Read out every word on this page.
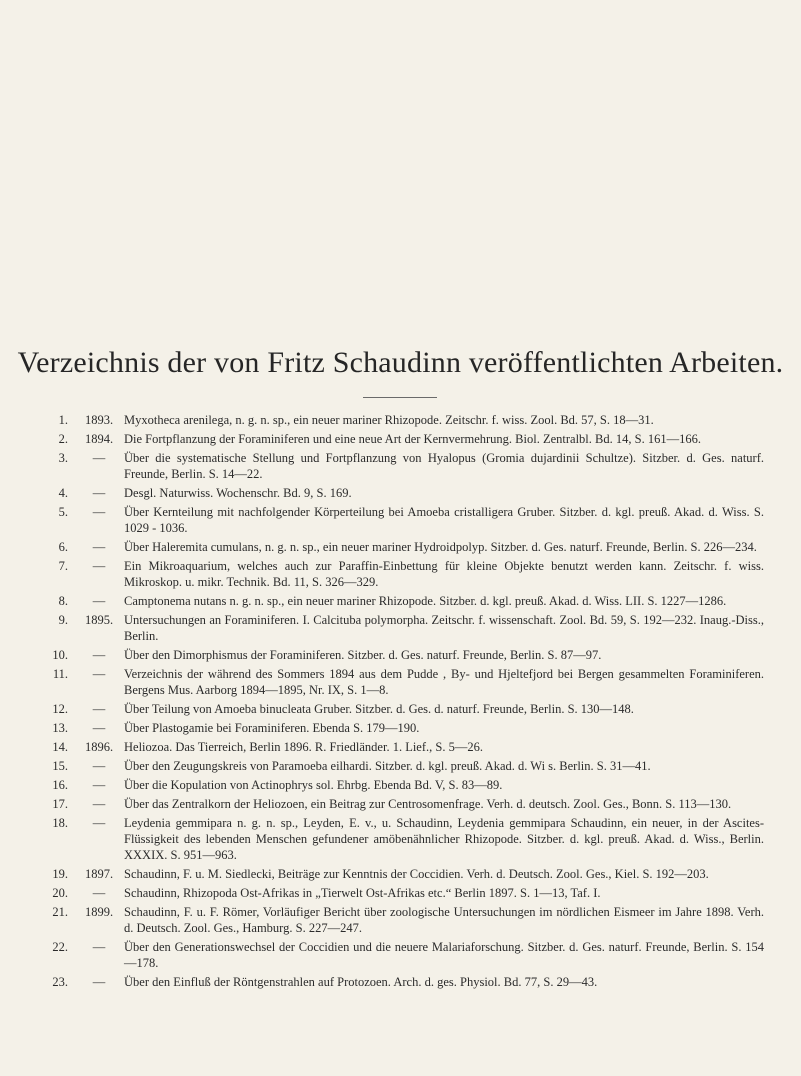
Verzeichnis der von Fritz Schaudinn veröffentlichten Arbeiten.
1.	1893. Myxotheca arenilega, n. g. n. sp., ein neuer mariner Rhizopode. Zeitschr. f. wiss. Zool. Bd. 57, S. 18—31.
2.	1894. Die Fortpflanzung der Foraminiferen und eine neue Art der Kernvermehrung. Biol. Zentralbl. Bd. 14, S. 161—166.
3.	—	Über die systematische Stellung und Fortpflanzung von Hyalopus (Gromia dujardinii Schultze). Sitzber. d. Ges. naturf. Freunde, Berlin. S. 14—22.
4.	—	Desgl. Naturwiss. Wochenschr. Bd. 9, S. 169.
5.	—	Über Kernteilung mit nachfolgender Körperteilung bei Amoeba cristalligera Gruber. Sitzber. d. kgl. preuß. Akad. d. Wiss. S. 1029 - 1036.
6.	—	Über Haleremita cumulans, n. g. n. sp., ein neuer mariner Hydroidpolyp. Sitzber. d. Ges. naturf. Freunde, Berlin. S. 226—234.
7.	—	Ein Mikroaquarium, welches auch zur Paraffin-Einbettung für kleine Objekte benutzt werden kann. Zeitschr. f. wiss. Mikroskop. u. mikr. Technik. Bd. 11, S. 326—329.
8.	—	Camptonema nutans n. g. n. sp., ein neuer mariner Rhizopode. Sitzber. d. kgl. preuß. Akad. d. Wiss. LII. S. 1227—1286.
9.	1895. Untersuchungen an Foraminiferen. I. Calcituba polymorpha. Zeitschr. f. wissenschaft. Zool. Bd. 59, S. 192—232. Inaug.-Diss., Berlin.
10.	—	Über den Dimorphismus der Foraminiferen. Sitzber. d. Ges. naturf. Freunde, Berlin. S. 87—97.
11.	—	Verzeichnis der während des Sommers 1894 aus dem Pudde , By- und Hjeltefjord bei Bergen gesammelten Foraminiferen. Bergens Mus. Aarborg 1894—1895, Nr. IX, S. 1—8.
12.	—	Über Teilung von Amoeba binucleata Gruber. Sitzber. d. Ges. d. naturf. Freunde, Berlin. S. 130—148.
13.	—	Über Plastogamie bei Foraminiferen. Ebenda S. 179—190.
14.	1896. Heliozoa. Das Tierreich, Berlin 1896. R. Friedländer. 1. Lief., S. 5—26.
15.	—	Über den Zeugungskreis von Paramoeba eilhardi. Sitzber. d. kgl. preuß. Akad. d. Wi s. Berlin. S. 31—41.
16.	—	Über die Kopulation von Actinophrys sol. Ehrbg. Ebenda Bd. V, S. 83—89.
17.	—	Über das Zentralkorn der Heliozoen, ein Beitrag zur Centrosomenfrage. Verh. d. deutsch. Zool. Ges., Bonn. S. 113—130.
18.	—	Leydenia gemmipara n. g. n. sp., Leyden, E. v., u. Schaudinn, Leydenia gemmipara Schaudinn, ein neuer, in der Ascites-Flüssigkeit des lebenden Menschen gefundener amöbenähnlicher Rhizopode. Sitzber. d. kgl. preuß. Akad. d. Wiss., Berlin. XXXIX. S. 951—963.
19.	1897. Schaudinn, F. u. M. Siedlecki, Beiträge zur Kenntnis der Coccidien. Verh. d. Deutsch. Zool. Ges., Kiel. S. 192—203.
20.	—	Schaudinn, Rhizopoda Ost-Afrikas in „Tierwelt Ost-Afrikas etc.“ Berlin 1897. S. 1—13, Taf. I.
21.	1899. Schaudinn, F. u. F. Römer, Vorläufiger Bericht über zoologische Untersuchungen im nördlichen Eismeer im Jahre 1898. Verh. d. Deutsch. Zool. Ges., Hamburg. S. 227—247.
22.	—	Über den Generationswechsel der Coccidien und die neuere Malariaforschung. Sitzber. d. Ges. naturf. Freunde, Berlin. S. 154—178.
23.	—	Über den Einfluß der Röntgenstrahlen auf Protozoen. Arch. d. ges. Physiol. Bd. 77, S. 29—43.
